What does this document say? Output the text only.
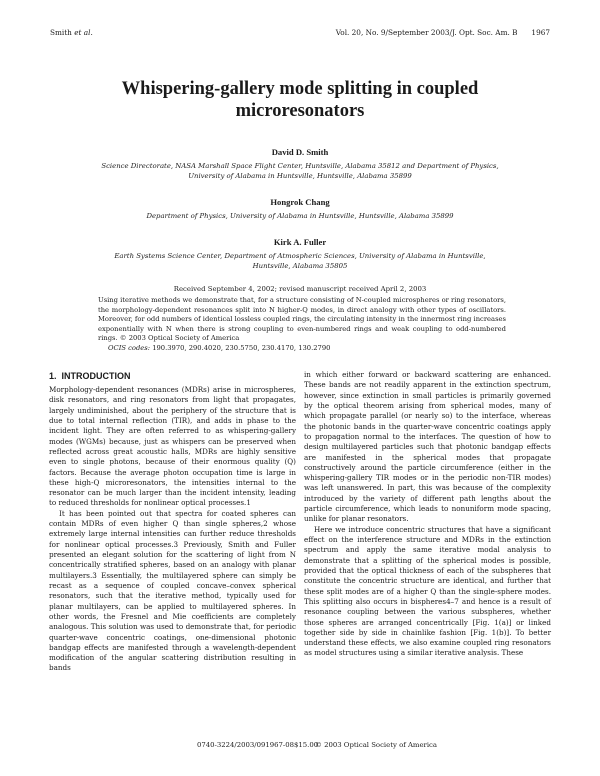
Smith et al.	Vol. 20, No. 9/September 2003/J. Opt. Soc. Am. B 1967
Whispering-gallery mode splitting in coupled
microresonators
David D. Smith
Science Directorate, NASA Marshall Space Flight Center, Huntsville, Alabama 35812 and Department of Physics,
University of Alabama in Huntsville, Huntsville, Alabama 35899
Hongrok Chang
Department of Physics, University of Alabama in Huntsville, Huntsville, Alabama 35899
Kirk A. Fuller
Earth Systems Science Center, Department of Atmospheric Sciences, University of Alabama in Huntsville,
Huntsville, Alabama 35805
Received September 4, 2002; revised manuscript received April 2, 2003

Using iterative methods we demonstrate that, for a structure consisting of N-coupled microspheres or ring resonators, the morphology-dependent resonances split into N higher-Q modes, in direct analogy with other types of oscillators. Moreover, for odd numbers of identical lossless coupled rings, the circulating intensity in the innermost ring increases exponentially with N when there is strong coupling to even-numbered rings and weak coupling to odd-numbered rings. © 2003 Optical Society of America

OCIS codes: 190.3970, 290.4020, 230.5750, 230.4170, 130.2790
1. INTRODUCTION

Morphology-dependent resonances (MDRs) arise in microspheres, disk resonators, and ring resonators from light that propagates, largely undiminished, about the periphery of the structure that is due to total internal reflection (TIR), and adds in phase to the incident light. They are often referred to as whispering-gallery modes (WGMs) because, just as whispers can be preserved when reflected across great acoustic halls, MDRs are highly sensitive even to single photons, because of their enormous quality (Q) factors. Because the average photon occupation time is large in these high-Q microresonators, the intensities internal to the resonator can be much larger than the incident intensity, leading to reduced thresholds for nonlinear optical processes.1

It has been pointed out that spectra for coated spheres can contain MDRs of even higher Q than single spheres,2 whose extremely large internal intensities can further reduce thresholds for nonlinear optical processes.3 Previously, Smith and Fuller presented an elegant solution for the scattering of light from N concentrically stratified spheres, based on an analogy with planar multilayers.3 Essentially, the multilayered sphere can simply be recast as a sequence of coupled concave–convex spherical resonators, such that the iterative method, typically used for planar multilayers, can be applied to multilayered spheres. In other words, the Fresnel and Mie coefficients are completely analogous. This solution was used to demonstrate that, for periodic quarter-wave concentric coatings, one-dimensional photonic bandgap effects are manifested through a wavelength-dependent modification of the angular scattering distribution resulting in bands

in which either forward or backward scattering are enhanced. These bands are not readily apparent in the extinction spectrum, however, since extinction in small particles is primarily governed by the optical theorem arising from spherical modes, many of which propagate parallel (or nearly so) to the interface, whereas the photonic bands in the quarter-wave concentric coatings apply to propagation normal to the interfaces. The question of how to design multilayered particles such that photonic bandgap effects are manifested in the spherical modes that propagate constructively around the particle circumference (either in the whispering-gallery TIR modes or in the periodic non-TIR modes) was left unanswered. In part, this was because of the complexity introduced by the variety of different path lengths about the particle circumference, which leads to nonuniform mode spacing, unlike for planar resonators.

Here we introduce concentric structures that have a significant effect on the interference structure and MDRs in the extinction spectrum and apply the same iterative modal analysis to demonstrate that a splitting of the spherical modes is possible, provided that the optical thickness of each of the subspheres that constitute the concentric structure are identical, and further that these split modes are of a higher Q than the single-sphere modes. This splitting also occurs in bispheres4–7 and hence is a result of resonance coupling between the various subspheres, whether those spheres are arranged concentrically [Fig. 1(a)] or linked together side by side in chainlike fashion [Fig. 1(b)]. To better understand these effects, we also examine coupled ring resonators as model structures using a similar iterative analysis. These

0740-3224/2003/091967-08$15.00
© 2003 Optical Society of America
